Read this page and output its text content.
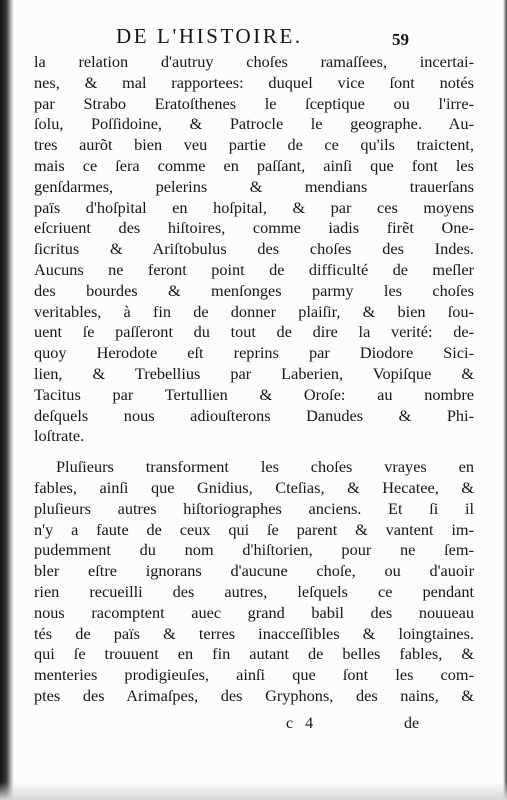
DE L'HISTOIRE.	59
la relation d'autruy choſes ramaſſees, incertai-
nes, & mal rapportees: duquel vice ſont notés
par Strabo Eratoſthenes le ſceptique ou l'irre-
ſolu, Poſſidoine, & Patrocle le geographe. Au-
tres aurõt bien veu partie de ce qu'ils traictent,
mais ce ſera comme en paſſant, ainſi que font les
genſdarmes, pelerins & mendians trauerſans
païs d'hoſpital en hoſpital, & par ces moyens
eſcriuent des hiſtoires, comme iadis firẽt One-
ſicritus & Ariſtobulus des choſes des Indes.
Aucuns ne feront point de difficulté de meſler
des bourdes & menſonges parmy les choſes
veritables, à fin de donner plaiſir, & bien ſou-
uent ſe paſſeront du tout de dire la verité: de-
quoy Herodote eſt reprins par Diodore Sici-
lien, & Trebellius par Laberien, Vopiſque &
Tacitus par Tertullien & Oroſe: au nombre
deſquels nous adiouſterons Danudes & Phi-
loſtrate.
Pluſieurs transforment les choſes vrayes en
fables, ainſi que Gnidius, Cteſias, & Hecatee, &
pluſieurs autres hiſtoriographes anciens. Et ſi il
n'y a faute de ceux qui ſe parent & vantent im-
pudemment du nom d'hiſtorien, pour ne ſem-
bler eſtre ignorans d'aucune choſe, ou d'auoir
rien recueilli des autres, leſquels ce pendant
nous racomptent auec grand babil des nouueau
tés de païs & terres inacceſſibles & loingtaines.
qui ſe trouuent en fin autant de belles fables, &
menteries prodigieuſes, ainſi que ſont les com-
ptes des Arimaſpes, des Gryphons, des nains, &
c 4	de
